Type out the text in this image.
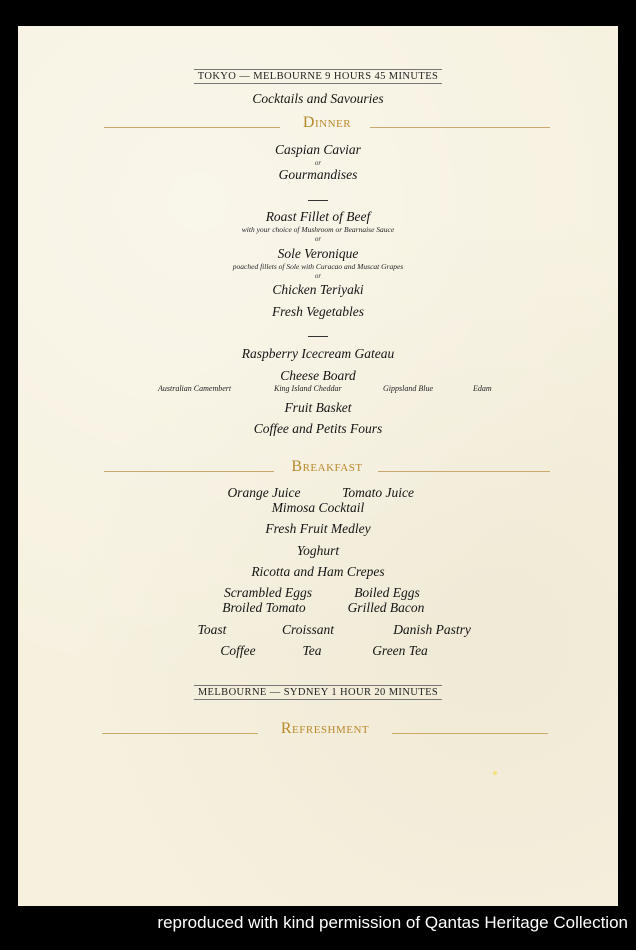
TOKYO — MELBOURNE 9 HOURS 45 MINUTES
Cocktails and Savouries
Dinner
Caspian Caviar
or
Gourmandises
Roast Fillet of Beef
with your choice of Mushroom or Bearnaise Sauce
or
Sole Veronique
poached fillets of Sole with Curacao and Muscat Grapes
or
Chicken Teriyaki
Fresh Vegetables
Raspberry Icecream Gateau
Cheese Board
Australian Camembert	King Island Cheddar	Gippsland Blue	Edam
Fruit Basket
Coffee and Petits Fours
Breakfast
Orange Juice	Tomato Juice
Mimosa Cocktail
Fresh Fruit Medley
Yoghurt
Ricotta and Ham Crepes
Scrambled Eggs	Boiled Eggs
Broiled Tomato	Grilled Bacon
Toast	Croissant	Danish Pastry
Coffee	Tea	Green Tea
MELBOURNE — SYDNEY 1 HOUR 20 MINUTES
Refreshment
reproduced with kind permission of Qantas Heritage Collection
